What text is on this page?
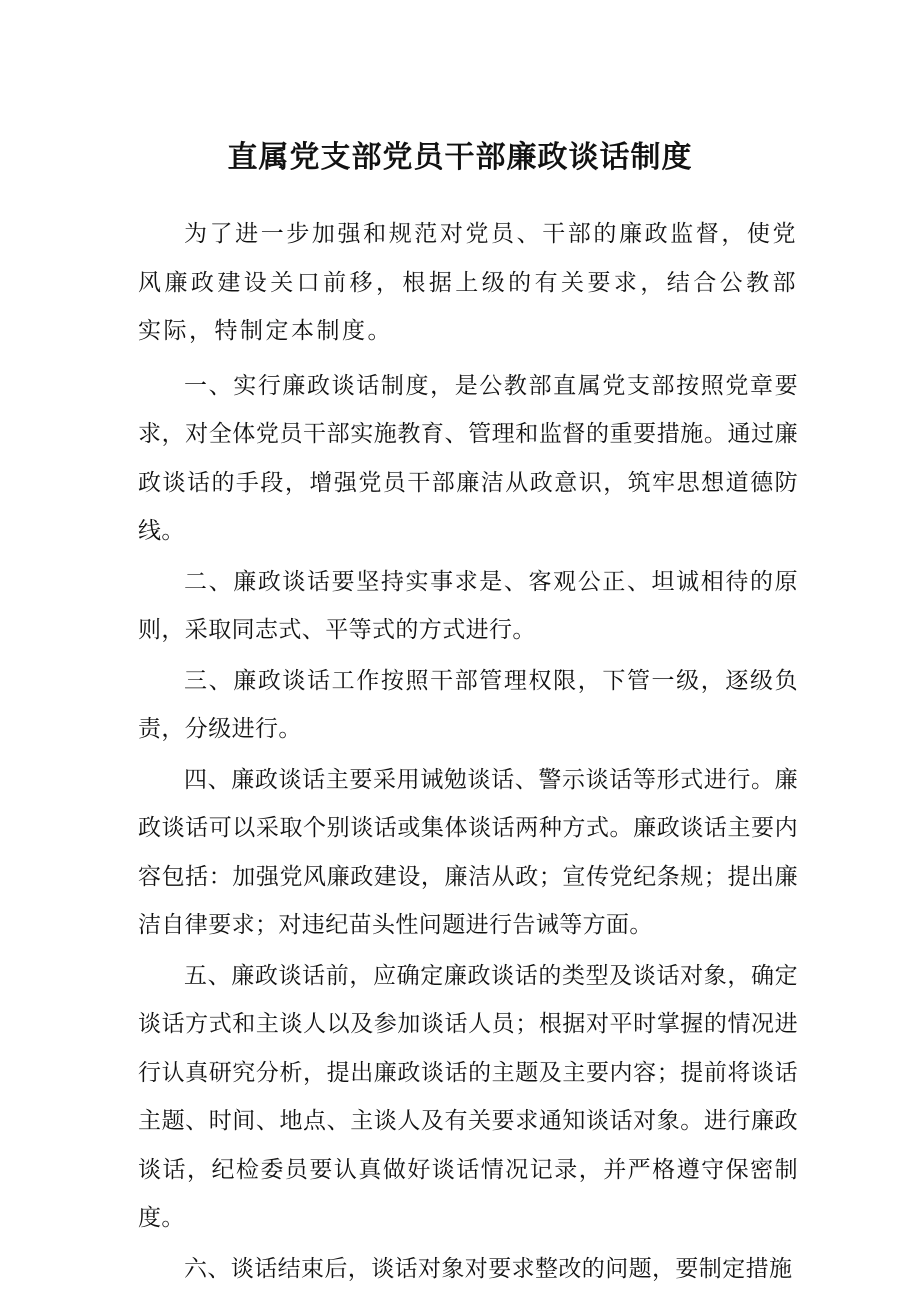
直属党支部党员干部廉政谈话制度

为了进一步加强和规范对党员、干部的廉政监督，使党风廉政建设关口前移，根据上级的有关要求，结合公教部实际，特制定本制度。

一、实行廉政谈话制度，是公教部直属党支部按照党章要求，对全体党员干部实施教育、管理和监督的重要措施。通过廉政谈话的手段，增强党员干部廉洁从政意识，筑牢思想道德防线。

二、廉政谈话要坚持实事求是、客观公正、坦诚相待的原则，采取同志式、平等式的方式进行。

三、廉政谈话工作按照干部管理权限，下管一级，逐级负责，分级进行。

四、廉政谈话主要采用诫勉谈话、警示谈话等形式进行。廉政谈话可以采取个别谈话或集体谈话两种方式。廉政谈话主要内容包括：加强党风廉政建设，廉洁从政；宣传党纪条规；提出廉洁自律要求；对违纪苗头性问题进行告诫等方面。

五、廉政谈话前，应确定廉政谈话的类型及谈话对象，确定谈话方式和主谈人以及参加谈话人员；根据对平时掌握的情况进行认真研究分析，提出廉政谈话的主题及主要内容；提前将谈话主题、时间、地点、主谈人及有关要求通知谈话对象。进行廉政谈话，纪检委员要认真做好谈话情况记录，并严格遵守保密制度。

六、谈话结束后，谈话对象对要求整改的问题，要制定措施
